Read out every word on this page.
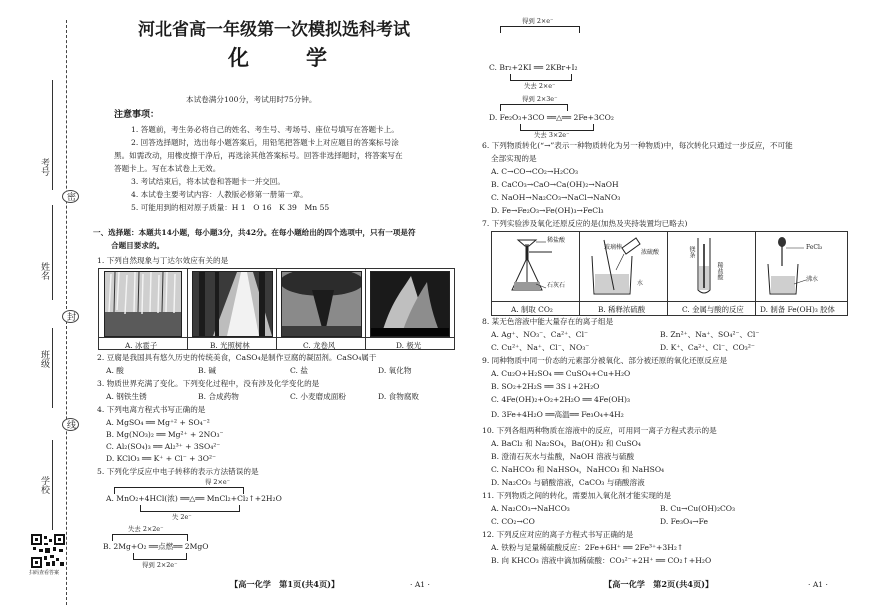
考号
密
姓名
封
班级
线
学校
扫码查看答案
河北省高一年级第一次模拟选科考试
化　学
本试卷满分100分，考试用时75分钟。
注意事项：
1. 答题前，考生务必将自己的姓名、考生号、考场号、座位号填写在答题卡上。
2. 回答选择题时，选出每小题答案后，用铅笔把答题卡上对应题目的答案标号涂
黑。如需改动，用橡皮擦干净后，再选涂其他答案标号。回答非选择题时，将答案写在
答题卡上。写在本试卷上无效。
3. 考试结束后，将本试卷和答题卡一并交回。
4. 本试卷主要考试内容：人教版必修第一册第一章。
5. 可能用到的相对原子质量：H 1　O 16　K 39　Mn 55
一、选择题：本题共14小题，每小题3分，共42分。在每小题给出的四个选项中，只有一项是符
合题目要求的。
1. 下列自然现象与丁达尔效应有关的是
A. 冰雹子	B. 光照树林	C. 龙卷风	D. 极光
2. 豆腐是我国具有悠久历史的传统美食，CaSO₄是制作豆腐的凝固剂。CaSO₄属于
A. 酸	B. 碱	C. 盐	D. 氧化物
3. 物质世界充满了变化。下列变化过程中，没有涉及化学变化的是
A. 钢铁生锈	B. 合成药物	C. 小麦磨成面粉	D. 食物腐败
4. 下列电离方程式书写正确的是
A. MgSO₄ ══ Mg⁺² + SO₄⁻²
B. Mg(NO₃)₂ ══ Mg²⁺ + 2NO₃⁻
C. Al₂(SO₄)₃ ══ Al₂³⁺ + 3SO₄²⁻
D. KClO₃ ══ K⁺ + Cl⁻ + 3O²⁻
5. 下列化学反应中电子转移的表示方法错误的是
得 2×e⁻
A. MnO₂+4HCl(浓) ══△══ MnCl₂+Cl₂↑+2H₂O
失 2e⁻
失去 2×2e⁻
B. 2Mg+O₂ ══点燃══ 2MgO
得到 2×2e⁻
【高一化学　第1页(共4页)】	· A1 ·
得到 2×e⁻
C. Br₂+2KI ══ 2KBr+I₂
失去 2×e⁻
得到 2×3e⁻
D. Fe₂O₃+3CO ══△══ 2Fe+3CO₂
失去 3×2e⁻
6. 下列物质转化(“→”表示一种物质转化为另一种物质)中，每次转化只通过一步反应，不可能
全部实现的是
A. C→CO→CO₂→H₂CO₃
B. CaCO₃→CaO→Ca(OH)₂→NaOH
C. NaOH→Na₂CO₃→NaCl→NaNO₃
D. Fe→Fe₂O₃→Fe(OH)₃→FeCl₃
7. 下列实验涉及氧化还原反应的是(加热及夹持装置均已略去)
稀盐酸
石灰石
玻璃棒
浓硫酸
水
镁条
稀盐酸
FeCl₃
沸水
A. 制取 CO₂	B. 稀释浓硫酸	C. 金属与酸的反应 D. 制备 Fe(OH)₃ 胶体
8. 某无色溶液中能大量存在的离子组是
A. Ag⁺、NO₃⁻、Ca²⁺、Cl⁻	B. Zn²⁺、Na⁺、SO₄²⁻、Cl⁻
C. Cu²⁺、Na⁺、Cl⁻、NO₃⁻	D. K⁺、Ca²⁺、Cl⁻、CO₃²⁻
9. 同种物质中同一价态的元素部分被氧化、部分被还原的氧化还原反应是
A. Cu₂O+H₂SO₄ ══ CuSO₄+Cu+H₂O
B. SO₂+2H₂S ══ 3S↓+2H₂O
C. 4Fe(OH)₂+O₂+2H₂O ══ 4Fe(OH)₃
D. 3Fe+4H₂O ══高温══ Fe₃O₄+4H₂
10. 下列各组两种物质在溶液中的反应，可用同一离子方程式表示的是
A. BaCl₂ 和 Na₂SO₄，Ba(OH)₂ 和 CuSO₄
B. 澄清石灰水与盐酸，NaOH 溶液与硫酸
C. NaHCO₃ 和 NaHSO₄，NaHCO₃ 和 NaHSO₄
D. Na₂CO₃ 与硝酸溶液，CaCO₃ 与硝酸溶液
11. 下列物质之间的转化，需要加入氧化剂才能实现的是
A. Na₂CO₃→NaHCO₃	B. Cu→Cu(OH)₂CO₃
C. CO₂→CO	D. Fe₃O₄→Fe
12. 下列反应对应的离子方程式书写正确的是
A. 铁粉与足量稀硫酸反应：2Fe+6H⁺ ══ 2Fe³⁺+3H₂↑
B. 向 KHCO₃ 溶液中滴加稀硫酸：CO₃²⁻+2H⁺ ══ CO₂↑+H₂O
【高一化学　第2页(共4页)】	· A1 ·
